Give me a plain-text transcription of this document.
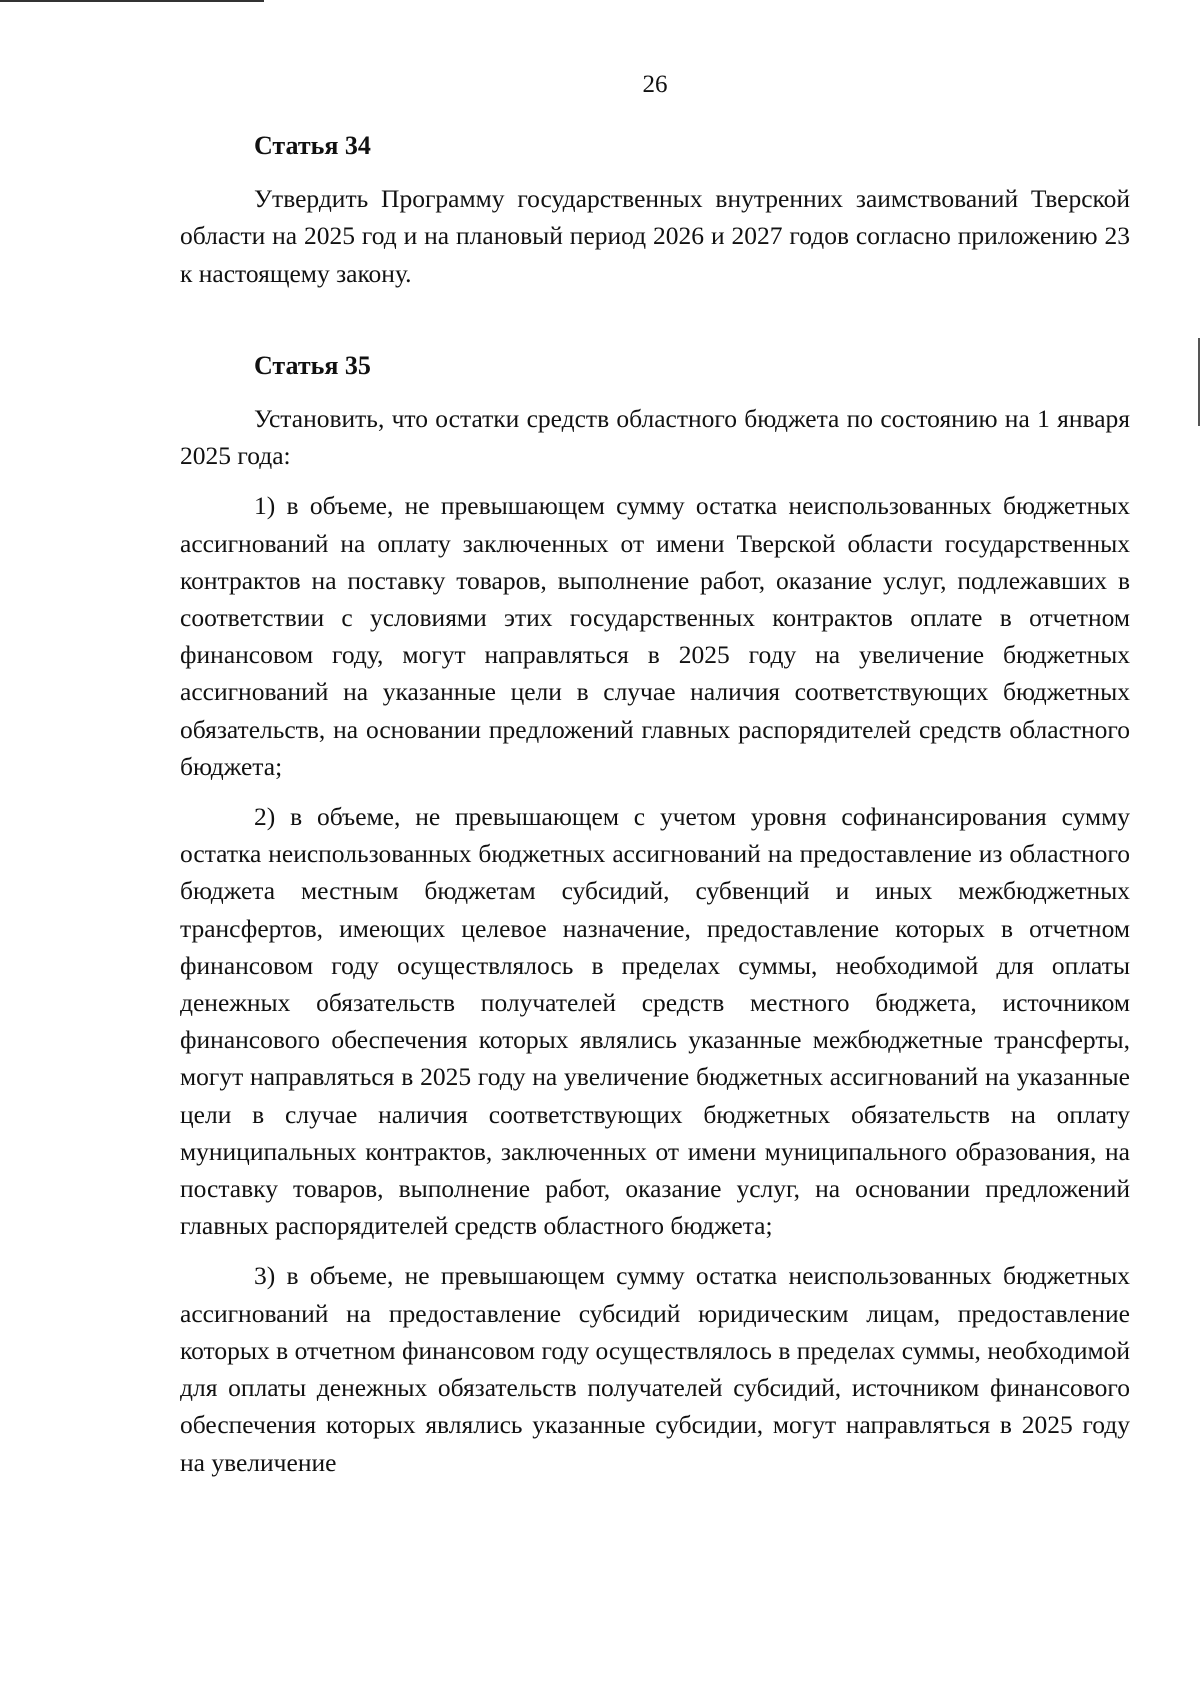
26
Статья 34

Утвердить Программу государственных внутренних заимствований Тверской области на 2025 год и на плановый период 2026 и 2027 годов согласно приложению 23 к настоящему закону.

Статья 35

Установить, что остатки средств областного бюджета по состоянию на 1 января 2025 года:

1) в объеме, не превышающем сумму остатка неиспользованных бюджетных ассигнований на оплату заключенных от имени Тверской области государственных контрактов на поставку товаров, выполнение работ, оказание услуг, подлежавших в соответствии с условиями этих государственных контрактов оплате в отчетном финансовом году, могут направляться в 2025 году на увеличение бюджетных ассигнований на указанные цели в случае наличия соответствующих бюджетных обязательств, на основании предложений главных распорядителей средств областного бюджета;

2) в объеме, не превышающем с учетом уровня софинансирования сумму остатка неиспользованных бюджетных ассигнований на предоставление из областного бюджета местным бюджетам субсидий, субвенций и иных межбюджетных трансфертов, имеющих целевое назначение, предоставление которых в отчетном финансовом году осуществлялось в пределах суммы, необходимой для оплаты денежных обязательств получателей средств местного бюджета, источником финансового обеспечения которых являлись указанные межбюджетные трансферты, могут направляться в 2025 году на увеличение бюджетных ассигнований на указанные цели в случае наличия соответствующих бюджетных обязательств на оплату муниципальных контрактов, заключенных от имени муниципального образования, на поставку товаров, выполнение работ, оказание услуг, на основании предложений главных распорядителей средств областного бюджета;

3) в объеме, не превышающем сумму остатка неиспользованных бюджетных ассигнований на предоставление субсидий юридическим лицам, предоставление которых в отчетном финансовом году осуществлялось в пределах суммы, необходимой для оплаты денежных обязательств получателей субсидий, источником финансового обеспечения которых являлись указанные субсидии, могут направляться в 2025 году на увеличение
